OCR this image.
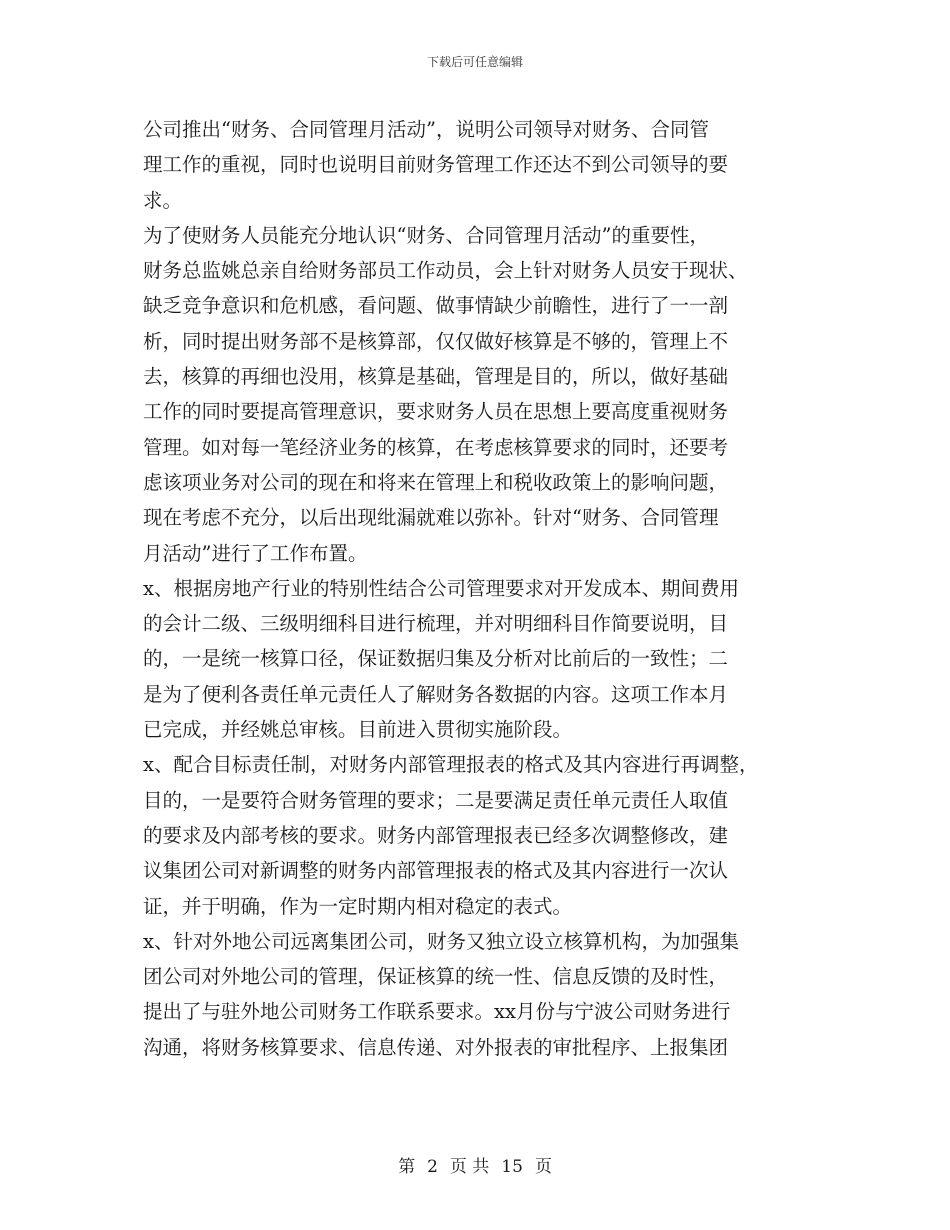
下载后可任意编辑
公司推出“财务、合同管理月活动”，说明公司领导对财务、合同管
理工作的重视，同时也说明目前财务管理工作还达不到公司领导的要
求。
为了使财务人员能充分地认识“财务、合同管理月活动”的重要性，
财务总监姚总亲自给财务部员工作动员，会上针对财务人员安于现状、
缺乏竞争意识和危机感，看问题、做事情缺少前瞻性，进行了一一剖
析，同时提出财务部不是核算部，仅仅做好核算是不够的，管理上不
去，核算的再细也没用，核算是基础，管理是目的，所以，做好基础
工作的同时要提高管理意识，要求财务人员在思想上要高度重视财务
管理。如对每一笔经济业务的核算，在考虑核算要求的同时，还要考
虑该项业务对公司的现在和将来在管理上和税收政策上的影响问题，
现在考虑不充分，以后出现纰漏就难以弥补。针对“财务、合同管理
月活动”进行了工作布置。
x、根据房地产行业的特别性结合公司管理要求对开发成本、期间费用
的会计二级、三级明细科目进行梳理，并对明细科目作简要说明，目
的，一是统一核算口径，保证数据归集及分析对比前后的一致性；二
是为了便利各责任单元责任人了解财务各数据的内容。这项工作本月
已完成，并经姚总审核。目前进入贯彻实施阶段。
x、配合目标责任制，对财务内部管理报表的格式及其内容进行再调整，
目的，一是要符合财务管理的要求；二是要满足责任单元责任人取值
的要求及内部考核的要求。财务内部管理报表已经多次调整修改，建
议集团公司对新调整的财务内部管理报表的格式及其内容进行一次认
证，并于明确，作为一定时期内相对稳定的表式。
x、针对外地公司远离集团公司，财务又独立设立核算机构，为加强集
团公司对外地公司的管理，保证核算的统一性、信息反馈的及时性，
提出了与驻外地公司财务工作联系要求。xx月份与宁波公司财务进行
沟通，将财务核算要求、信息传递、对外报表的审批程序、上报集团
第 2 页 共 15 页
